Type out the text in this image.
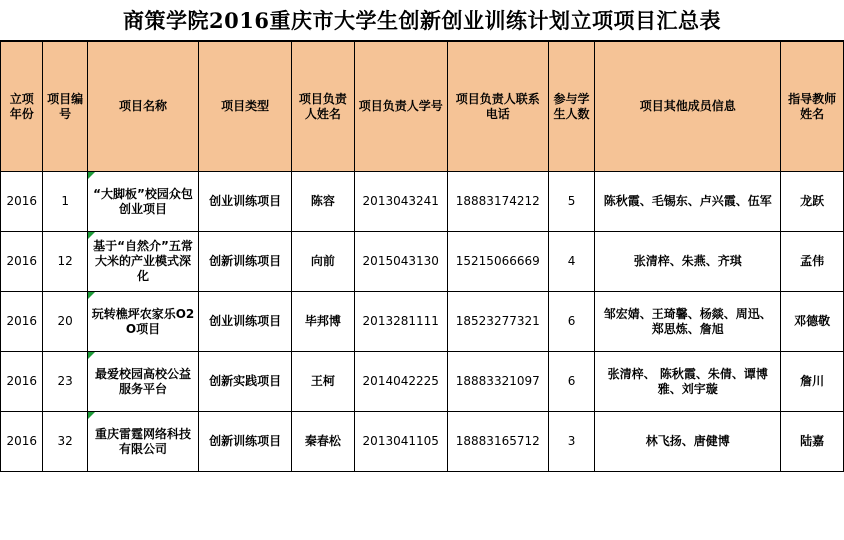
商策学院2016重庆市大学生创新创业训练计划立项项目汇总表
立项年份	项目编号	项目名称	项目类型	项目负责人姓名	项目负责人学号	项目负责人联系电话	参与学生人数	项目其他成员信息	指导教师姓名
2016	1	“大脚板”校园众包创业项目	创业训练项目	陈容	2013043241	18883174212	5	陈秋霞、毛锡东、卢兴霞、伍军	龙跃
2016	12	基于“自然介”五常大米的产业模式深化	创新训练项目	向前	2015043130	15215066669	4	张清梓、朱燕、齐琪	孟伟
2016	20	玩转樵坪农家乐O2O项目	创业训练项目	毕邦博	2013281111	18523277321	6	邹宏婧、王琦馨、杨燚、周迅、郑思炼、詹旭	邓德敬
2016	23	最爱校园高校公益服务平台	创新实践项目	王柯	2014042225	18883321097	6	张清梓、 陈秋霞、朱倩、谭博雅、刘宇璇	詹川
2016	32	重庆雷霆网络科技有限公司	创新训练项目	秦春松	2013041105	18883165712	3	林飞扬、唐健博	陆嘉
